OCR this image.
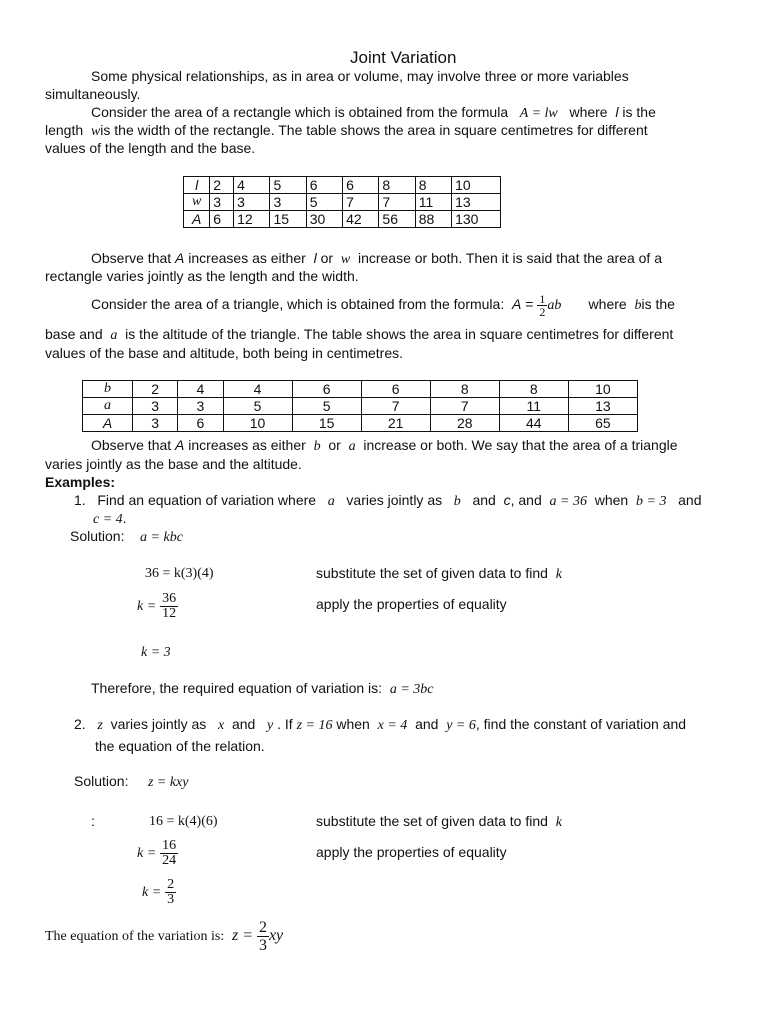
Joint Variation
Some physical relationships, as in area or volume, may involve three or more variables
simultaneously.
Consider the area of a rectangle which is obtained from the formula A = lw where l is the
length wis the width of the rectangle. The table shows the area in square centimetres for different
values of the length and the base.
l	2	4	5	6	6	8	8	10
w	3	3	3	5	7	7	11	13
A	6	12	15	30	42	56	88	130
Observe that A increases as either l or w increase or both. Then it is said that the area of a
rectangle varies jointly as the length and the width.
Consider the area of a triangle, which is obtained from the formula: $A = \frac{1}{2}$ ab where bis the
base and a is the altitude of the triangle. The table shows the area in square centimetres for different
values of the base and altitude, both being in centimetres.
b	2	4	4	6	6	8	8	10
a	3	3	5	5	7	7	11	13
A	3	6	10	15	21	28	44	65
Observe that A increases as either b or a increase or both. We say that the area of a triangle
varies jointly as the base and the altitude.
Examples:
1. Find an equation of variation where a varies jointly as b and c, and a = 36 when b = 3 and
c = 4.
Solution: a = kbc
36 = k(3)(4)	substitute the set of given data to find k
$k = \frac{36}{12}$	apply the properties of equality
k = 3
Therefore, the required equation of variation is: a = 3bc
2. z varies jointly as x and y . If z = 16 when x = 4 and y = 6, find the constant of variation and
the equation of the relation.
Solution: z = kxy
:	16 = k(4)(6)	substitute the set of given data to find k
$k = \frac{16}{24}$	apply the properties of equality
$k = \frac{2}{3}$
The equation of the variation is: $z = \frac{2}{3}$ xy
